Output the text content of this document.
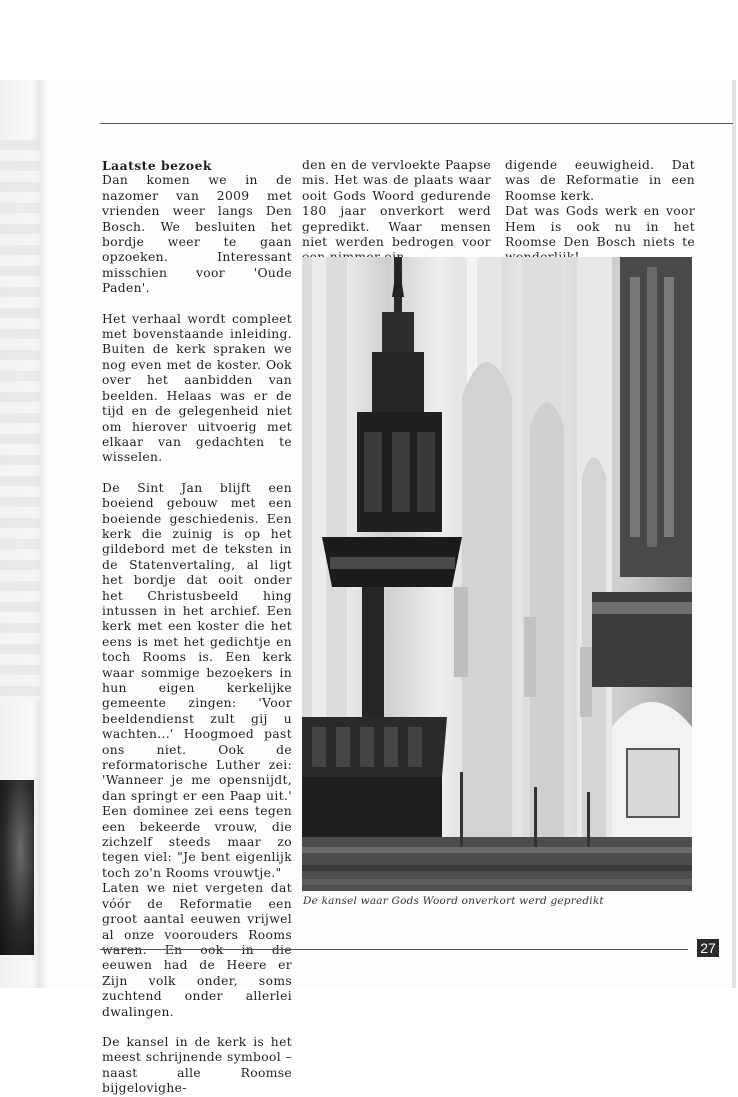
Laatste bezoek
Dan komen we in de nazomer van 2009 met vrienden weer langs Den Bosch. We besluiten het bordje weer te gaan opzoeken. Interessant misschien voor 'Oude Paden'.

Het verhaal wordt compleet met bovenstaande inleiding. Buiten de kerk spraken we nog even met de koster. Ook over het aanbidden van beelden. Helaas was er de tijd en de gelegenheid niet om hierover uitvoerig met elkaar van gedachten te wisselen.

De Sint Jan blijft een boeiend gebouw met een boeiende geschiedenis. Een kerk die zuinig is op het gildebord met de teksten in de Statenvertaling, al ligt het bordje dat ooit onder het Christusbeeld hing intussen in het archief. Een kerk met een koster die het eens is met het gedichtje en toch Rooms is. Een kerk waar sommige bezoekers in hun eigen kerkelijke gemeente zingen: 'Voor beeldendienst zult gij u wachten...' Hoogmoed past ons niet. Ook de reformatorische Luther zei: 'Wanneer je me opensnijdt, dan springt er een Paap uit.' Een dominee zei eens tegen een bekeerde vrouw, die zichzelf steeds maar zo tegen viel: "Je bent eigenlijk toch zo'n Rooms vrouwtje."

Laten we niet vergeten dat vóór de Reformatie een groot aantal eeuwen vrijwel al onze voorouders Rooms waren. En ook in die eeuwen had de Heere er Zijn volk onder, soms zuchtend onder allerlei dwalingen.

De kansel in de kerk is het meest schrijnende symbool – naast alle Roomse bijgelovighe-

den en de vervloekte Paapse mis. Het was de plaats waar ooit Gods Woord gedurende 180 jaar onverkort werd gepredikt. Waar mensen niet werden bedrogen voor

digende eeuwigheid. Dat was de Reformatie in een Roomse kerk.

Dat was Gods werk en voor Hem is ook nu in het Roomse Den Bosch niets te

De kansel waar Gods Woord onverkort werd gepredikt
27
